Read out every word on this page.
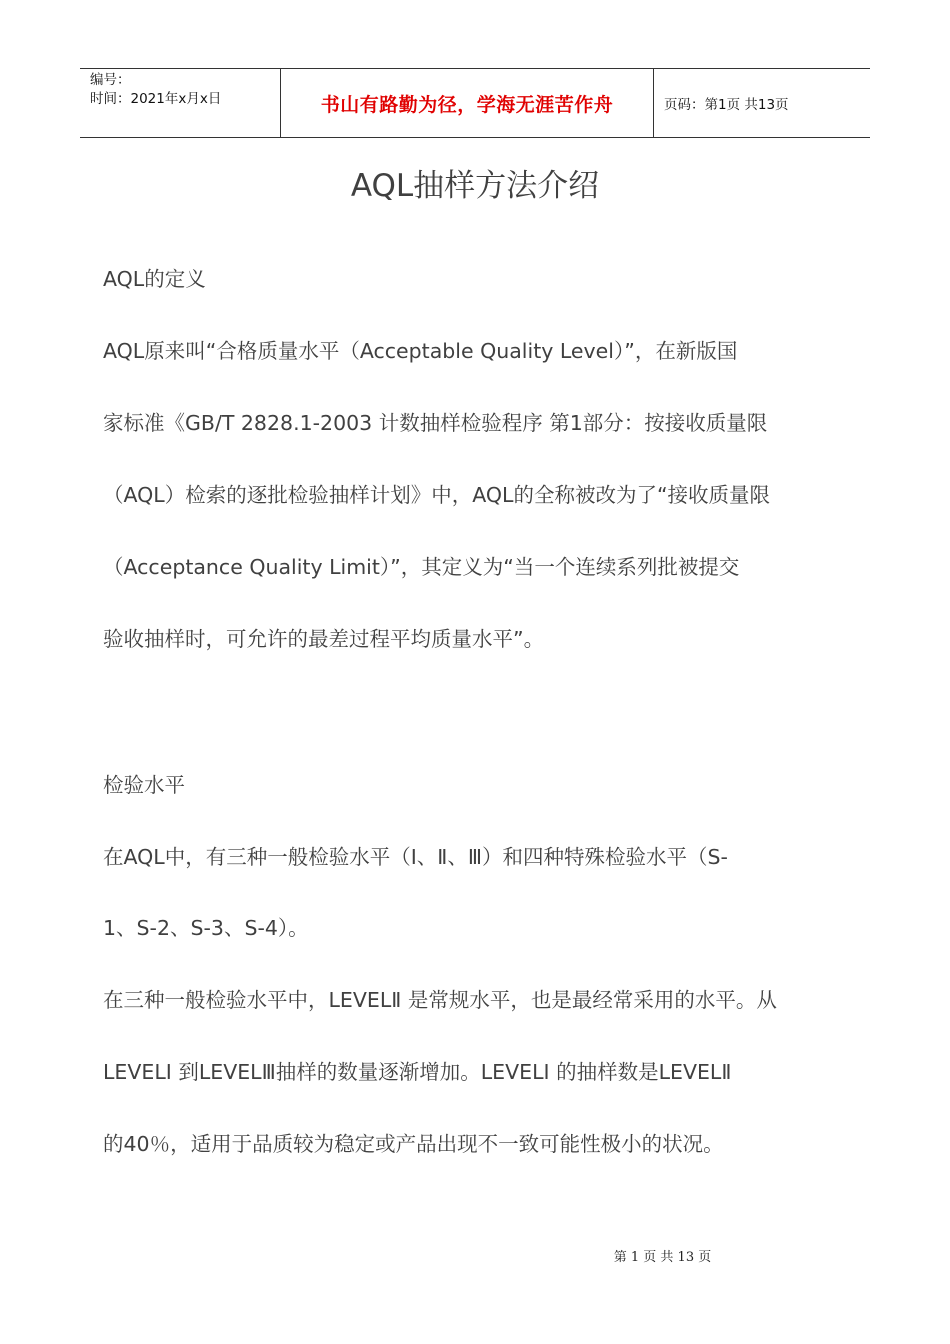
编号：
时间：2021年x月x日	书山有路勤为径，学海无涯苦作舟	页码：第1页 共13页
AQL抽样方法介绍
AQL的定义
AQL原来叫“合格质量水平（Acceptable Quality Level）”，在新版国
家标准《GB/T 2828.1-2003 计数抽样检验程序 第1部分：按接收质量限
（AQL）检索的逐批检验抽样计划》中，AQL的全称被改为了“接收质量限
（Acceptance Quality Limit）”，其定义为“当一个连续系列批被提交
验收抽样时，可允许的最差过程平均质量水平”。
检验水平
在AQL中，有三种一般检验水平（Ⅰ、Ⅱ、Ⅲ）和四种特殊检验水平（S-
1、S-2、S-3、S-4）。
在三种一般检验水平中，LEVELⅡ 是常规水平，也是最经常采用的水平。从
LEVELⅠ 到LEVELⅢ抽样的数量逐渐增加。LEVELⅠ 的抽样数是LEVELⅡ
的40％，适用于品质较为稳定或产品出现不一致可能性极小的状况。
第 1 页 共 13 页
